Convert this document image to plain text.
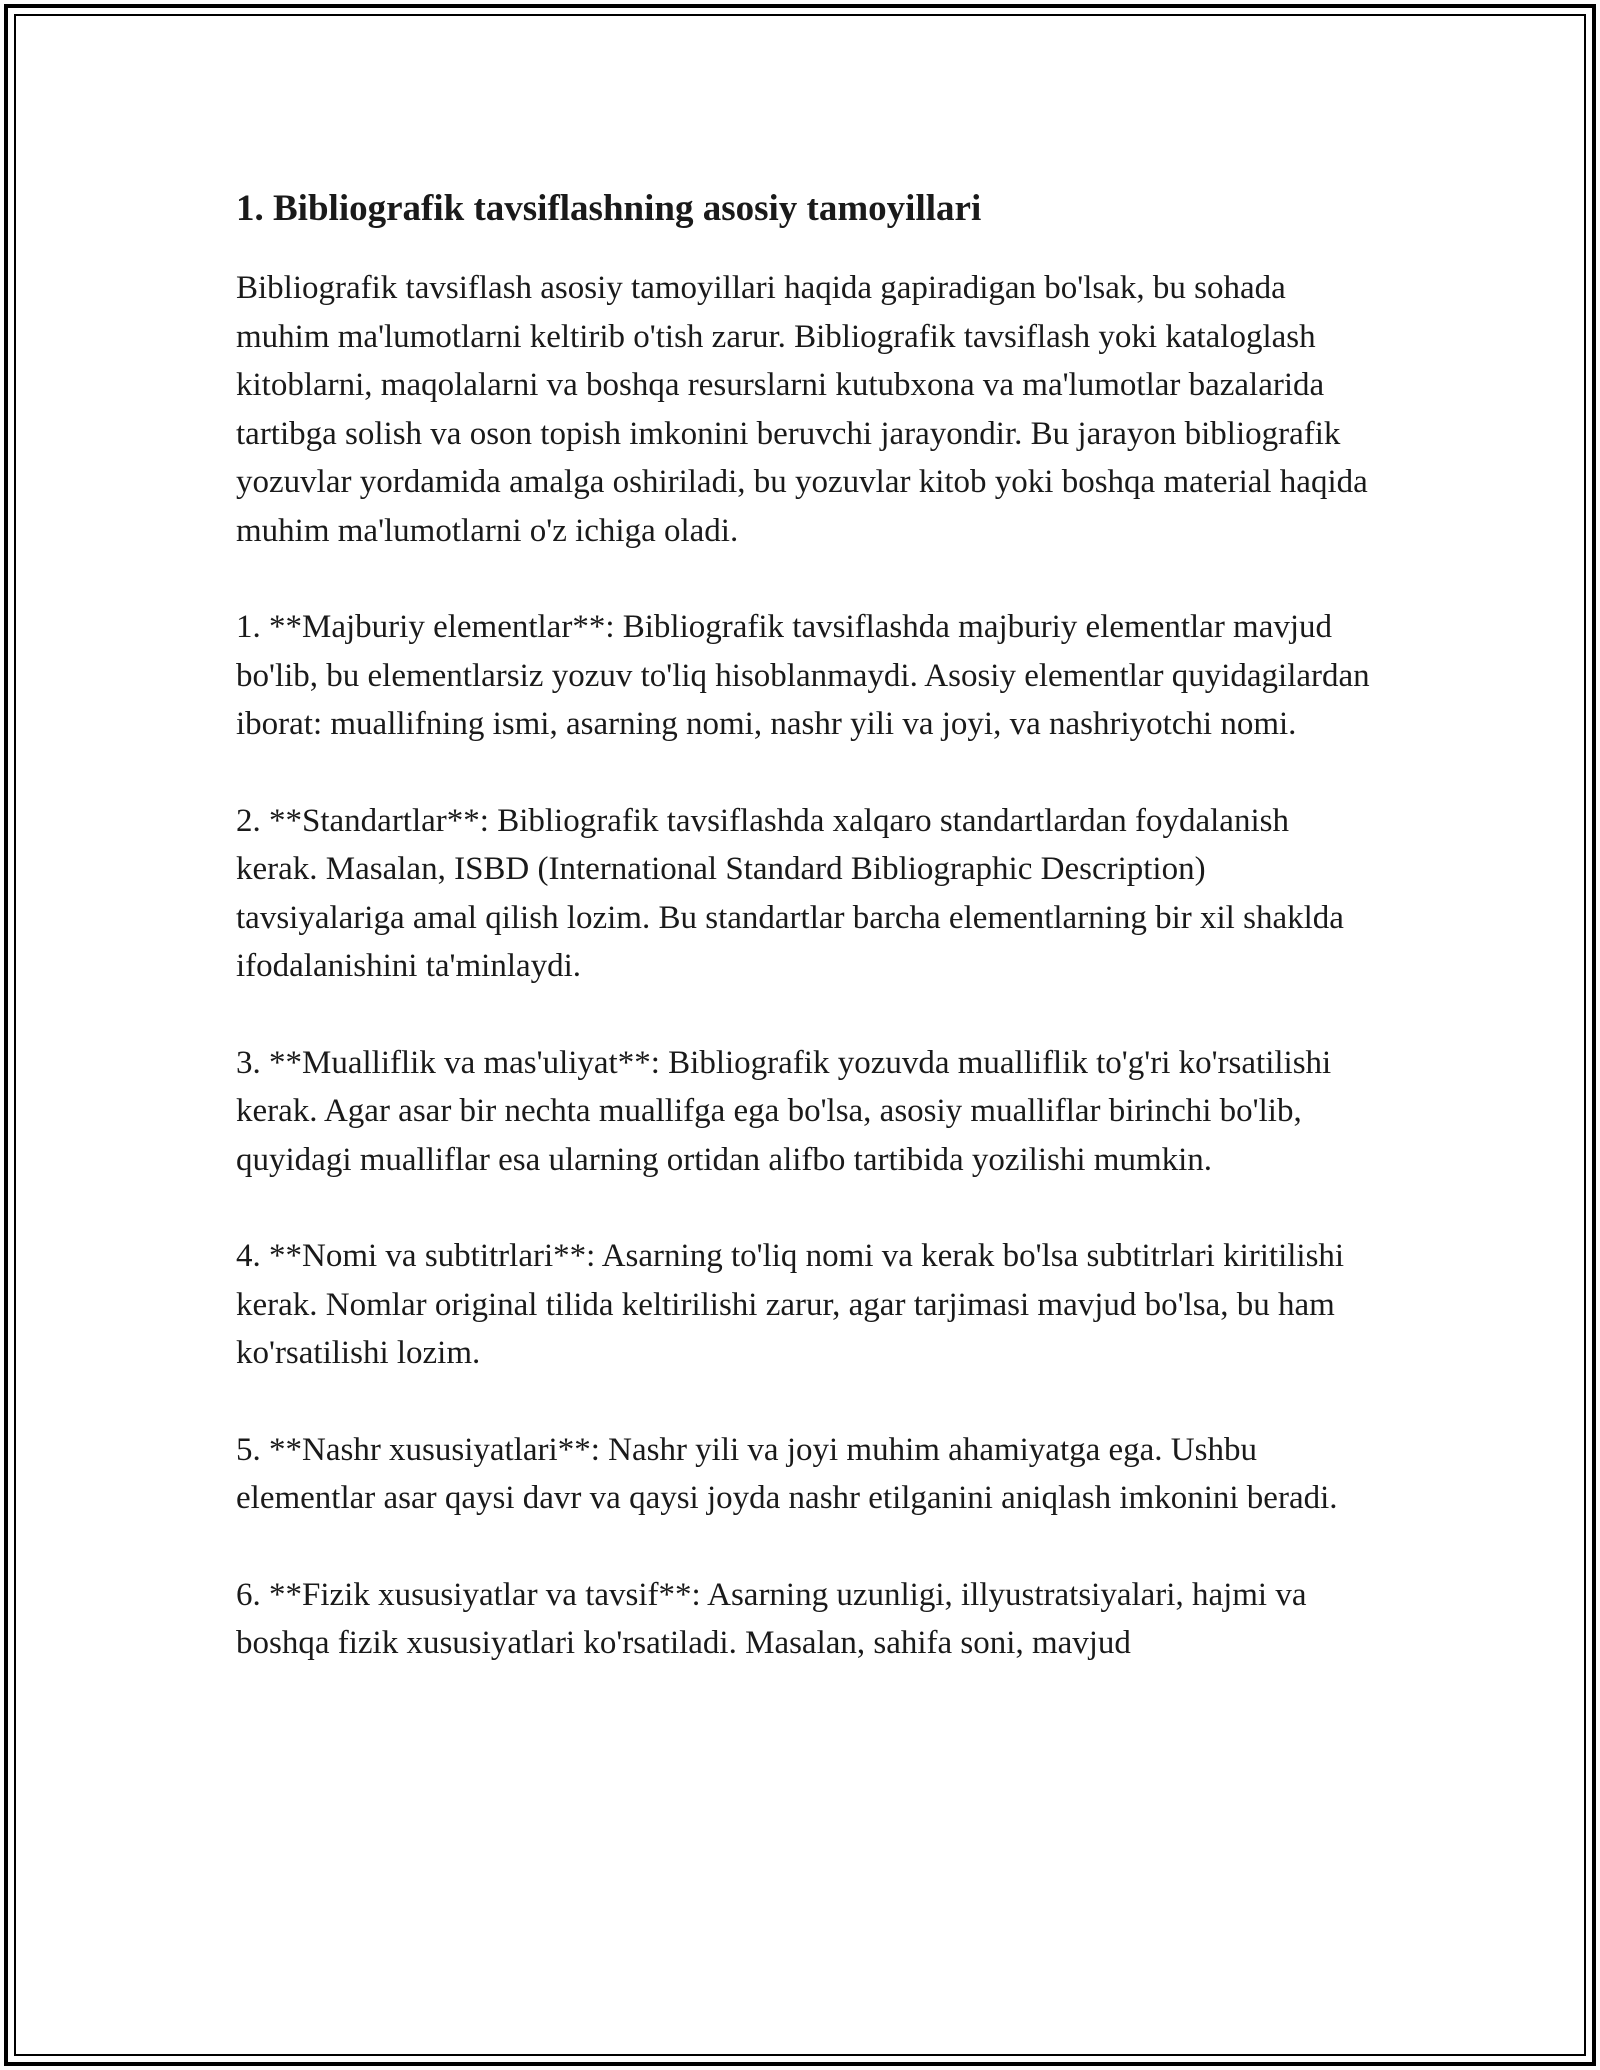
1. Bibliografik tavsiflashning asosiy tamoyillari

Bibliografik tavsiflash asosiy tamoyillari haqida gapiradigan bo'lsak, bu sohada muhim ma'lumotlarni keltirib o'tish zarur. Bibliografik tavsiflash yoki kataloglash kitoblarni, maqolalarni va boshqa resurslarni kutubxona va ma'lumotlar bazalarida tartibga solish va oson topish imkonini beruvchi jarayondir. Bu jarayon bibliografik yozuvlar yordamida amalga oshiriladi, bu yozuvlar kitob yoki boshqa material haqida muhim ma'lumotlarni o'z ichiga oladi.

1. **Majburiy elementlar**: Bibliografik tavsiflashda majburiy elementlar mavjud bo'lib, bu elementlarsiz yozuv to'liq hisoblanmaydi. Asosiy elementlar quyidagilardan iborat: muallifning ismi, asarning nomi, nashr yili va joyi, va nashriyotchi nomi.

2. **Standartlar**: Bibliografik tavsiflashda xalqaro standartlardan foydalanish kerak. Masalan, ISBD (International Standard Bibliographic Description) tavsiyalariga amal qilish lozim. Bu standartlar barcha elementlarning bir xil shaklda ifodalanishini ta'minlaydi.

3. **Mualliflik va mas'uliyat**: Bibliografik yozuvda mualliflik to'g'ri ko'rsatilishi kerak. Agar asar bir nechta muallifga ega bo'lsa, asosiy mualliflar birinchi bo'lib, quyidagi mualliflar esa ularning ortidan alifbo tartibida yozilishi mumkin.

4. **Nomi va subtitrlari**: Asarning to'liq nomi va kerak bo'lsa subtitrlari kiritilishi kerak. Nomlar original tilida keltirilishi zarur, agar tarjimasi mavjud bo'lsa, bu ham ko'rsatilishi lozim.

5. **Nashr xususiyatlari**: Nashr yili va joyi muhim ahamiyatga ega. Ushbu elementlar asar qaysi davr va qaysi joyda nashr etilganini aniqlash imkonini beradi.

6. **Fizik xususiyatlar va tavsif**: Asarning uzunligi, illyustratsiyalari, hajmi va boshqa fizik xususiyatlari ko'rsatiladi. Masalan, sahifa soni, mavjud
